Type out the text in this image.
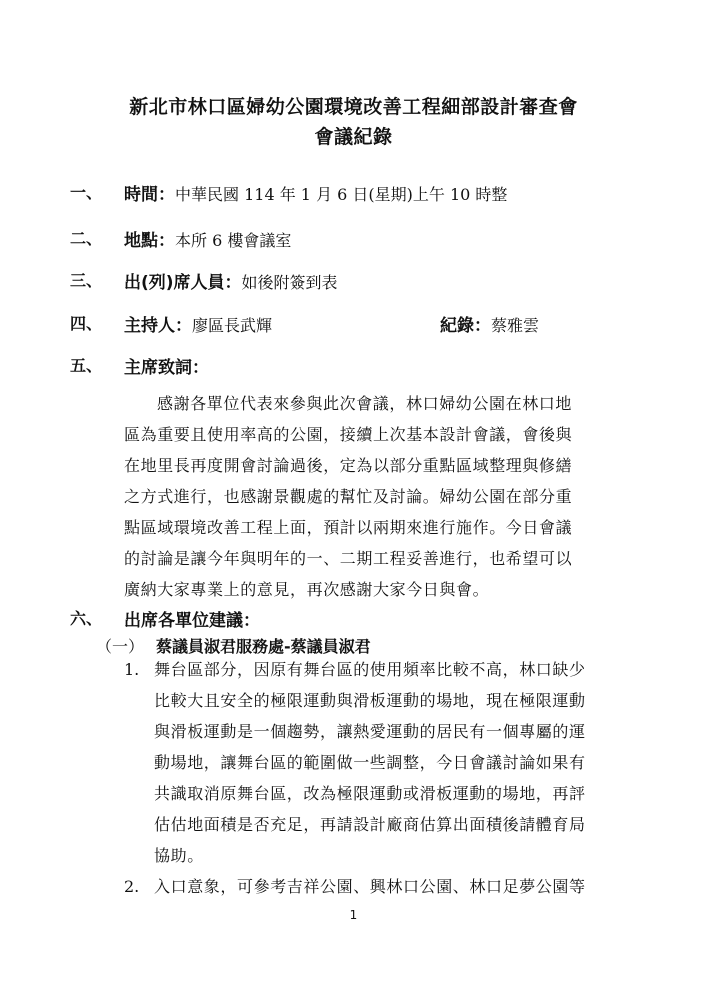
新北市林口區婦幼公園環境改善工程細部設計審查會
會議紀錄
一、 時間：中華民國 114 年 1 月 6 日(星期)上午 10 時整
二、 地點：本所 6 樓會議室
三、 出(列)席人員：如後附簽到表
四、 主持人：廖區長武輝	紀錄：蔡雅雲
五、 主席致詞：
感謝各單位代表來參與此次會議，林口婦幼公園在林口地
區為重要且使用率高的公園，接續上次基本設計會議，會後與
在地里長再度開會討論過後，定為以部分重點區域整理與修繕
之方式進行，也感謝景觀處的幫忙及討論。婦幼公園在部分重
點區域環境改善工程上面，預計以兩期來進行施作。今日會議
的討論是讓今年與明年的一、二期工程妥善進行，也希望可以
廣納大家專業上的意見，再次感謝大家今日與會。
六、 出席各單位建議：
（一） 蔡議員淑君服務處-蔡議員淑君
1. 舞台區部分，因原有舞台區的使用頻率比較不高，林口缺少
比較大且安全的極限運動與滑板運動的場地，現在極限運動
與滑板運動是一個趨勢，讓熱愛運動的居民有一個專屬的運
動場地，讓舞台區的範圍做一些調整，今日會議討論如果有
共識取消原舞台區，改為極限運動或滑板運動的場地，再評
估估地面積是否充足，再請設計廠商估算出面積後請體育局
協助。
2. 入口意象，可參考吉祥公園、興林口公園、林口足夢公園等
1
